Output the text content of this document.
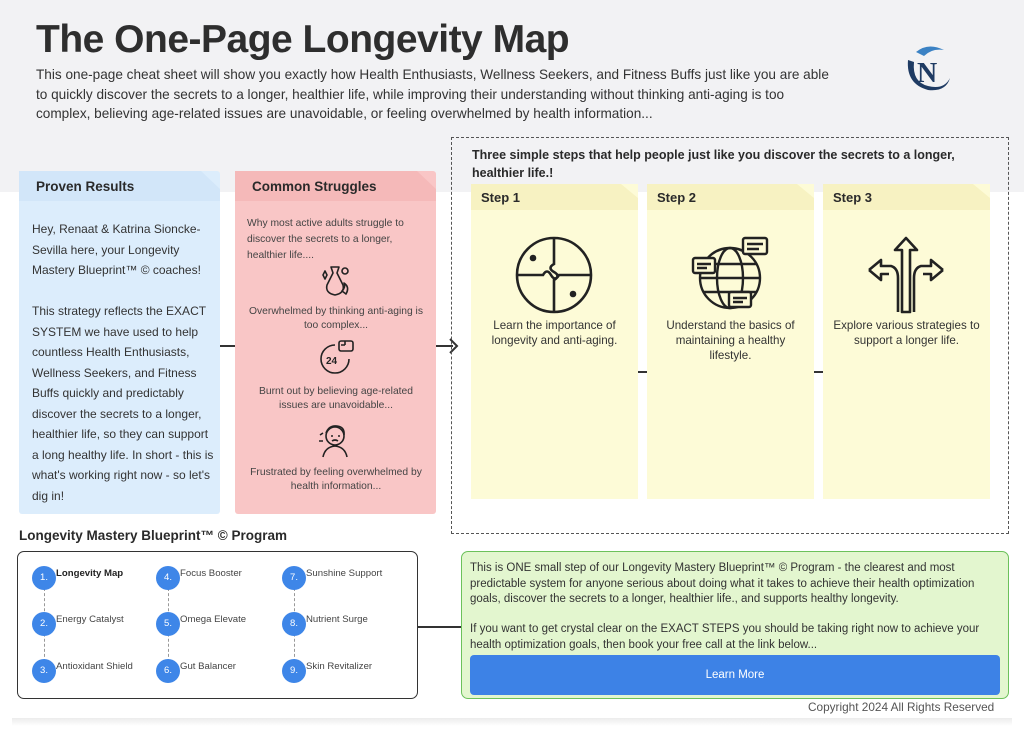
The One-Page Longevity Map
This one-page cheat sheet will show you exactly how Health Enthusiasts, Wellness Seekers, and Fitness Buffs just like you are able to quickly discover the secrets to a longer, healthier life, while improving their understanding without thinking anti-aging is too complex, believing age-related issues are unavoidable, or feeling overwhelmed by health information...
N
Proven Results
Hey, Renaat & Katrina Sioncke-Sevilla here, your Longevity Mastery Blueprint™ © coaches!
This strategy reflects the EXACT SYSTEM we have used to help countless Health Enthusiasts, Wellness Seekers, and Fitness Buffs quickly and predictably discover the secrets to a longer, healthier life, so they can support a long healthy life. In short - this is what's working right now - so let's dig in!
Common Struggles
Why most active adults struggle to discover the secrets to a longer, healthier life....
Overwhelmed by thinking anti-aging is too complex...
24
Burnt out by believing age-related issues are unavoidable...
Frustrated by feeling overwhelmed by health information...
Three simple steps that help people just like you discover the secrets to a longer, healthier life.!
Step 1
Learn the importance of longevity and anti-aging.
Step 2
Understand the basics of maintaining a healthy lifestyle.
Step 3
Explore various strategies to support a longer life.
Longevity Mastery Blueprint™ © Program
1. Longevity Map
2. Energy Catalyst
3. Antioxidant Shield
4. Focus Booster
5. Omega Elevate
6. Gut Balancer
7. Sunshine Support
8. Nutrient Surge
9. Skin Revitalizer
This is ONE small step of our Longevity Mastery Blueprint™ © Program - the clearest and most predictable system for anyone serious about doing what it takes to achieve their health optimization goals, discover the secrets to a longer, healthier life., and supports healthy longevity.
If you want to get crystal clear on the EXACT STEPS you should be taking right now to achieve your health optimization goals, then book your free call at the link below...
Learn More
Copyright 2024 All Rights Reserved
